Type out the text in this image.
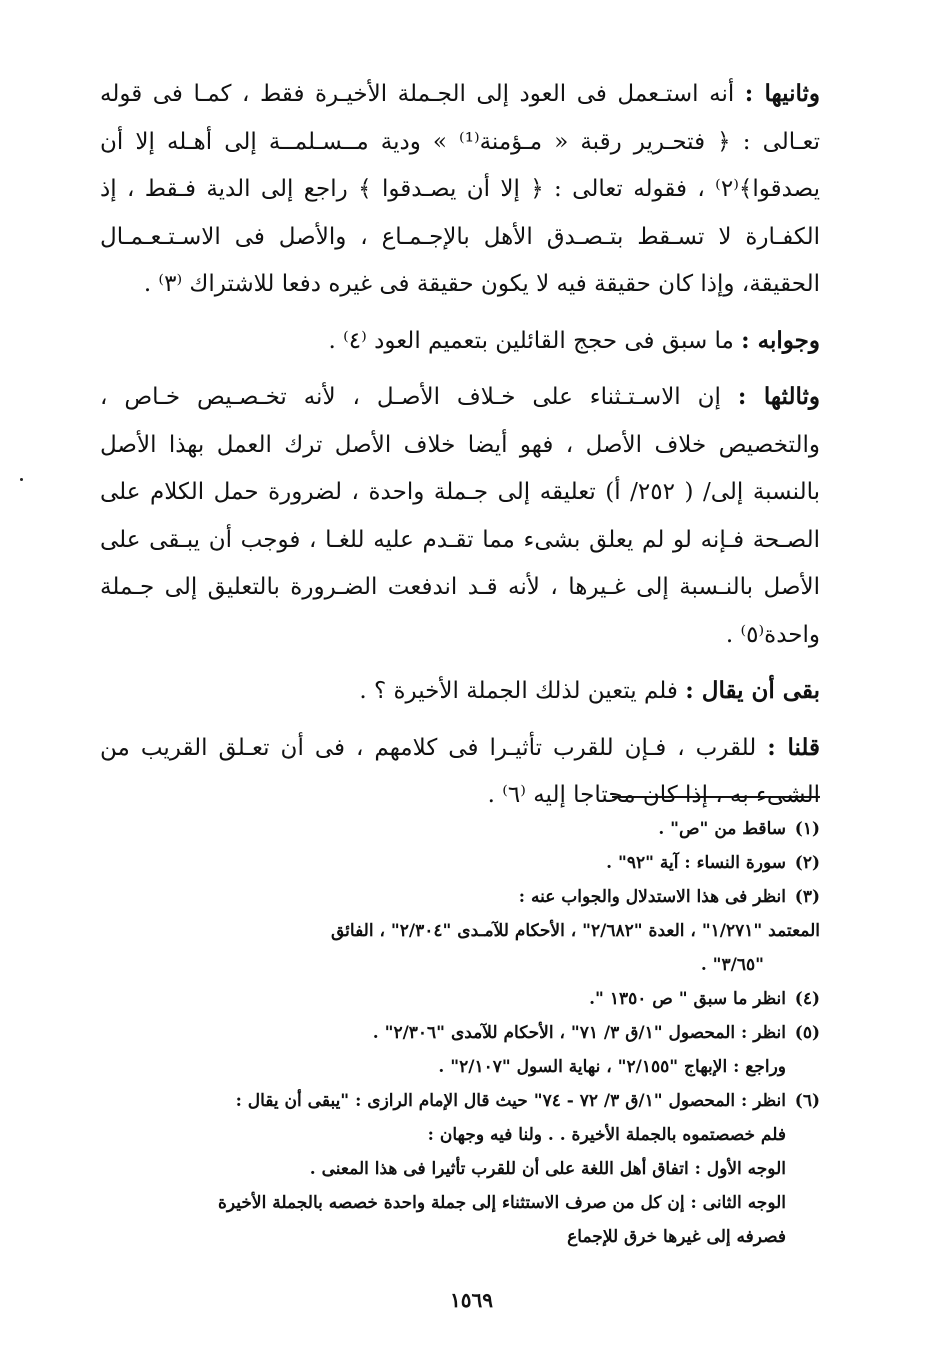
وثانيها : أنه استـعمل فى العود إلى الجـملة الأخيـرة فقط ، كمـا فى قوله تعـالى : ﴿ فتحـرير رقبة « مـؤمنة⁽¹⁾ » ودية مــسـلمــة إلى أهـله إلا أن يصدقوا﴾⁽٢⁾ ، فقوله تعالى : ﴿ إلا أن يصـدقوا ﴾ راجع إلى الدية فـقط ، إذ الكفـارة لا تسـقط بتـصـدق الأهل بالإجـمـاع ، والأصل فى الاسـتـعـمـال الحقيقة، وإذا كان حقيقة فيه لا يكون حقيقة فى غيره دفعا للاشتراك ⁽٣⁾ .

وجوابه : ما سبق فى حجج القائلين بتعميم العود ⁽٤⁾ .

وثالثها : إن الاسـتـثناء على خـلاف الأصـل ، لأنه تخـصـيص خـاص ، والتخصيص خلاف الأصل ، فهو أيضا خلاف الأصل ترك العمل بهذا الأصل بالنسبة إلى/ ( ٢٥٢/ أ) تعليقه إلى جـملة واحدة ، لضرورة حمل الكلام على الصـحة فـإنه لو لم يعلق بشىء مما تقـدم عليه للغـا ، فوجب أن يبـقى على الأصل بالنـسبة إلى غـيرها ، لأنه قـد اندفعت الضـرورة بالتعليق إلى جـملة واحدة⁽٥⁾ .

بقى أن يقال : فلم يتعين لذلك الجملة الأخيرة ؟ .

قلنا : للقرب ، فـإن للقرب تأثيـرا فى كلامهم ، فى أن تعـلق القريب من الشىء به ، إذا كان محتاجا إليه ⁽٦⁾ .

(١)
ساقط من "ص" .
(٢)
سورة النساء : آية "٩٢" .
(٣)
انظر فى هذا الاستدلال والجواب عنه :
المعتمد "١/٢٧١" ، العدة "٢/٦٨٢" ، الأحكام للآمـدى "٢/٣٠٤" ، الفائق
"٣/٦٥" .
(٤)
انظر ما سبق " ص ١٣٥٠ ".
(٥)
انظر : المحصول "١/ق ٣/ ٧١" ، الأحكام للآمدى "٢/٣٠٦" .
وراجع : الإبهاج "٢/١٥٥" ، نهاية السول "٢/١٠٧" .
(٦)
انظر : المحصول "١/ق ٣/ ٧٢ - ٧٤" حيث قال الإمام الرازى : "يبقى أن يقال :
فلم خصصتموه بالجملة الأخيرة . . ولنا فيه وجهان :
الوجه الأول : اتفاق أهل اللغة على أن للقرب تأثيرا فى هذا المعنى .
الوجه الثانى : إن كل من صرف الاستثناء إلى جملة واحدة خصصه بالجملة الأخيرة
فصرفه إلى غيرها خرق للإجماع
١٥٦٩
